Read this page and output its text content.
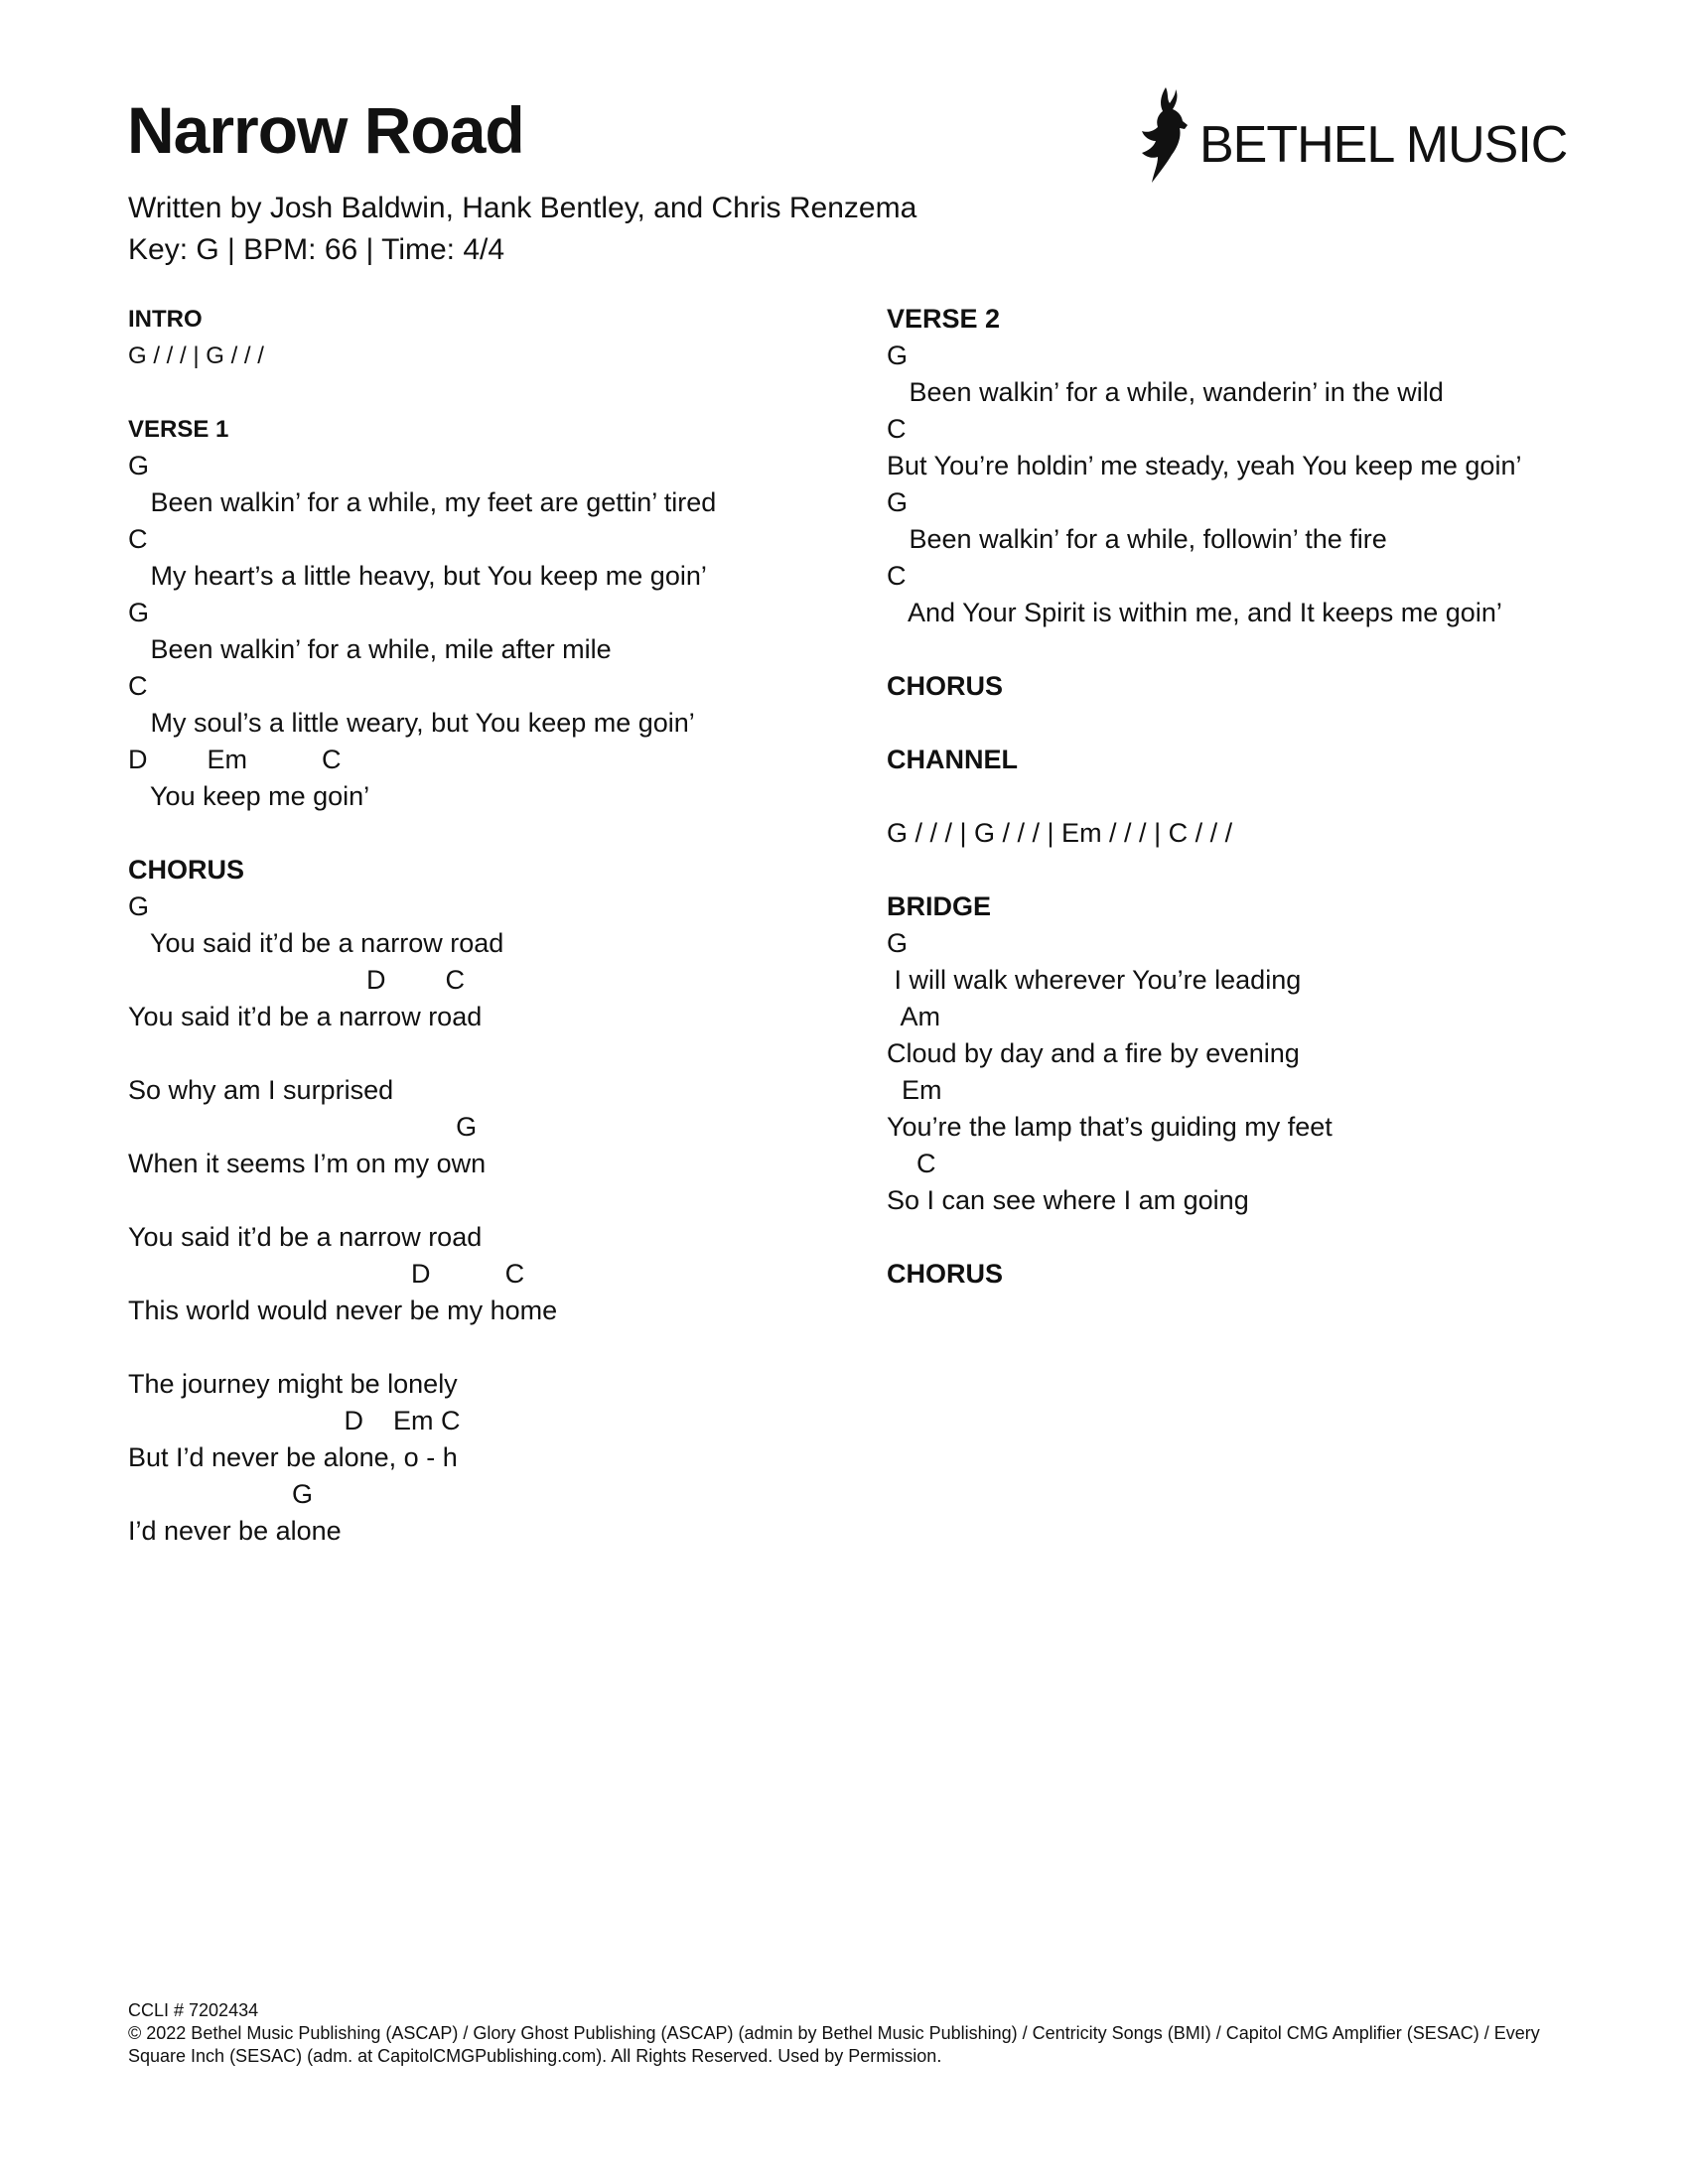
Narrow Road
Written by Josh Baldwin, Hank Bentley, and Chris Renzema
Key: G | BPM: 66 | Time: 4/4
BETHEL MUSIC
INTRO
G / / / | G / / /
VERSE 1
G
Been walkin’ for a while, my feet are gettin’ tired
C
My heart’s a little heavy, but You keep me goin’
G
Been walkin’ for a while, mile after mile
C
My soul’s a little weary, but You keep me goin’
D        Em          C
You keep me goin’
CHORUS
G
You said it’d be a narrow road
D        C
You said it’d be a narrow road

So why am I surprised
G
When it seems I’m on my own

You said it’d be a narrow road
D          C
This world would never be my home

The journey might be lonely
D    Em C
But I’d never be alone, o - h
G
I’d never be alone
VERSE 2
G
Been walkin’ for a while, wanderin’ in the wild
C
But You’re holdin’ me steady, yeah You keep me goin’
G
Been walkin’ for a while, followin’ the fire
C
And Your Spirit is within me, and It keeps me goin’
CHORUS
CHANNEL

G / / / | G / / / | Em / / / | C / / /
BRIDGE
G
I will walk wherever You’re leading
Am
Cloud by day and a fire by evening
Em
You’re the lamp that’s guiding my feet
C
So I can see where I am going
CHORUS
CCLI # 7202434
© 2022 Bethel Music Publishing (ASCAP) / Glory Ghost Publishing (ASCAP) (admin by Bethel Music Publishing) / Centricity Songs (BMI) / Capitol CMG Amplifier (SESAC) / Every Square Inch (SESAC) (adm. at CapitolCMGPublishing.com). All Rights Reserved. Used by Permission.
